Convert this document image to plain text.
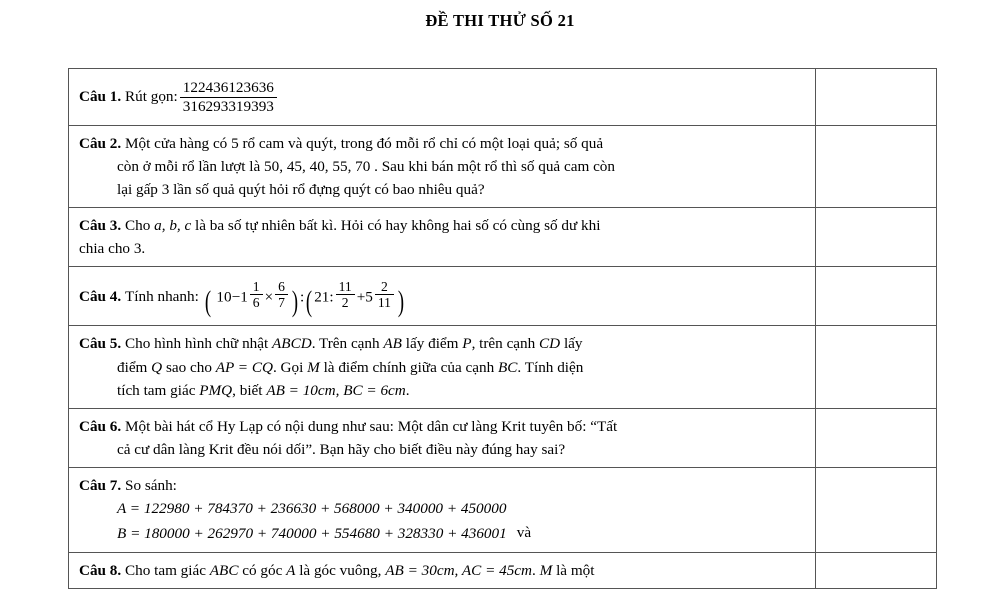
ĐỀ THI THỬ SỐ 21
Câu 1.
Rút gọn: $\frac{122436123636}{316293319393}$

Câu 2. Một cửa hàng có 5 rổ cam và quýt, trong đó mỗi rổ chỉ có một loại quả; số quả
còn ở mỗi rổ lần lượt là 50, 45, 40, 55, 70 . Sau khi bán một rổ thì số quả cam còn
lại gấp 3 lần số quả quýt hỏi rổ đựng quýt có bao nhiêu quả?	

Câu 3. Cho a, b, c là ba số tự nhiên bất kì. Hỏi có hay không hai số có cùng số dư khi
chia cho 3.	

Câu 4.
Tính nhanh:
( $10-1 \frac{1}{6} \times \frac{6}{7}$ ) :( 21: $\frac{11}{2} +5 \frac{2}{11}$ )

Câu 5. Cho hình hình chữ nhật ABCD. Trên cạnh AB lấy điểm P, trên cạnh CD lấy
điểm Q sao cho AP = CQ. Gọi M là điểm chính giữa của cạnh BC. Tính diện
tích tam giác PMQ, biết AB = 10cm, BC = 6cm.	

Câu 6. Một bài hát cổ Hy Lạp có nội dung như sau: Một dân cư làng Krit tuyên bố: “Tất
cả cư dân làng Krit đều nói dối”. Bạn hãy cho biết điều này đúng hay sai?	

Câu 7. So sánh:
A = 122980 + 784370 + 236630 + 568000 + 340000 + 450000
B = 180000 + 262970 + 740000 + 554680 + 328330 + 436001 và	

Câu 8. Cho tam giác ABC có góc A là góc vuông, AB = 30cm, AC = 45cm. M là một	
